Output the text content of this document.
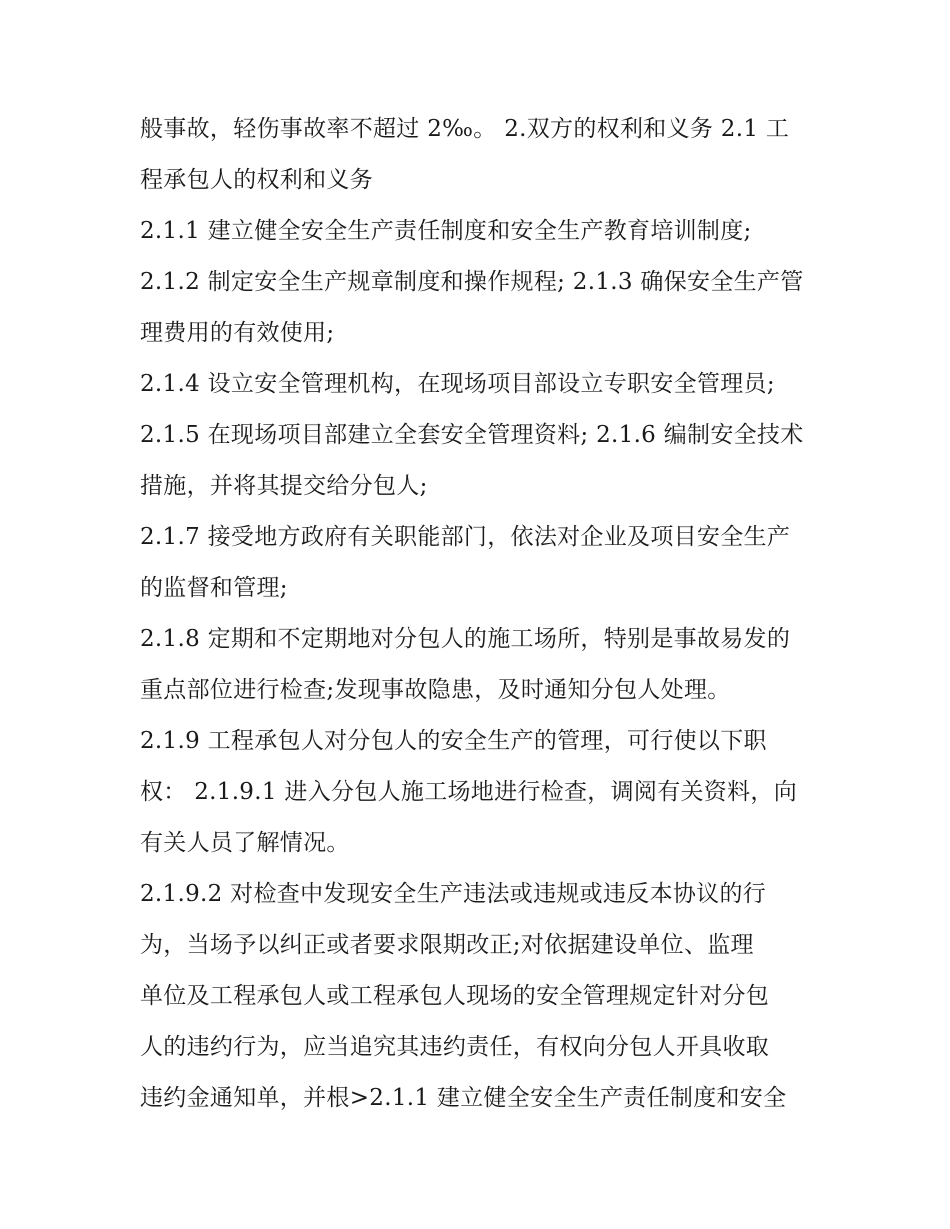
般事故，轻伤事故率不超过 2‰。 2.双方的权利和义务 2.1 工
程承包人的权利和义务
2.1.1 建立健全安全生产责任制度和安全生产教育培训制度;
2.1.2 制定安全生产规章制度和操作规程; 2.1.3 确保安全生产管
理费用的有效使用;
2.1.4 设立安全管理机构，在现场项目部设立专职安全管理员;
2.1.5 在现场项目部建立全套安全管理资料; 2.1.6 编制安全技术
措施，并将其提交给分包人;
2.1.7 接受地方政府有关职能部门，依法对企业及项目安全生产
的监督和管理;
2.1.8 定期和不定期地对分包人的施工场所，特别是事故易发的
重点部位进行检查;发现事故隐患，及时通知分包人处理。
2.1.9 工程承包人对分包人的安全生产的管理，可行使以下职
权： 2.1.9.1 进入分包人施工场地进行检查，调阅有关资料，向
有关人员了解情况。
2.1.9.2 对检查中发现安全生产违法或违规或违反本协议的行
为，当场予以纠正或者要求限期改正;对依据建设单位、监理
单位及工程承包人或工程承包人现场的安全管理规定针对分包
人的违约行为，应当追究其违约责任，有权向分包人开具收取
违约金通知单，并根>2.1.1 建立健全安全生产责任制度和安全
